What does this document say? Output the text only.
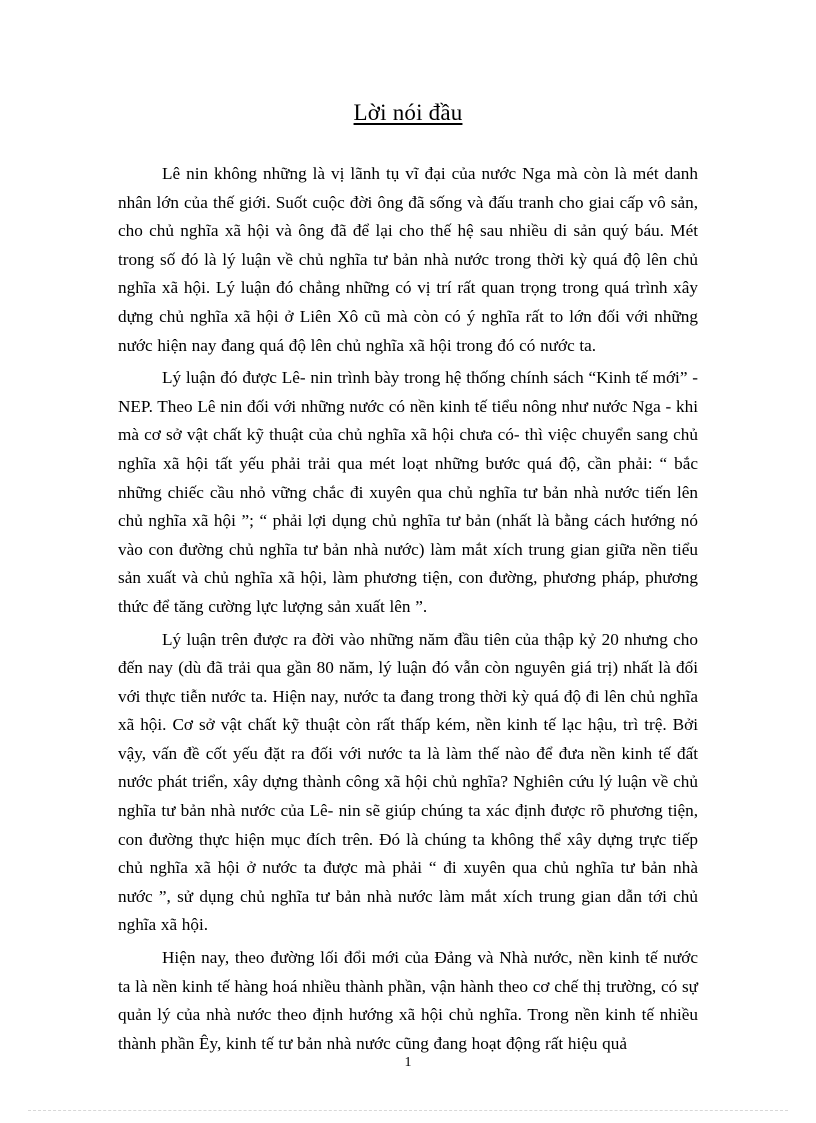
Lời nói đầu

Lê nin không những là vị lãnh tụ vĩ đại của nước Nga mà còn là mét danh nhân lớn của thế giới. Suốt cuộc đời ông đã sống và đấu tranh cho giai cấp vô sản, cho chủ nghĩa xã hội và ông đã để lại cho thế hệ sau nhiều di sản quý báu. Mét trong số đó là lý luận về chủ nghĩa tư bản nhà nước trong thời kỳ quá độ lên chủ nghĩa xã hội. Lý luận đó chẳng những có vị trí rất quan trọng trong quá trình xây dựng chủ nghĩa xã hội ở Liên Xô cũ mà còn có ý nghĩa rất to lớn đối với những nước hiện nay đang quá độ lên chủ nghĩa xã hội trong đó có nước ta.

Lý luận đó được Lê- nin trình bày trong hệ thống chính sách “Kinh tế mới” - NEP. Theo Lê nin đối với những nước có nền kinh tế tiểu nông như nước Nga - khi mà cơ sở vật chất kỹ thuật của chủ nghĩa xã hội chưa có- thì việc chuyển sang chủ nghĩa xã hội tất yếu phải trải qua mét loạt những bước quá độ, cần phải: “ bắc những chiếc cầu nhỏ vững chắc đi xuyên qua chủ nghĩa tư bản nhà nước tiến lên chủ nghĩa xã hội ”; “ phải lợi dụng chủ nghĩa tư bản (nhất là bằng cách hướng nó vào con đường chủ nghĩa tư bản nhà nước) làm mắt xích trung gian giữa nền tiểu sản xuất và chủ nghĩa xã hội, làm phương tiện, con đường, phương pháp, phương thức để tăng cường lực lượng sản xuất lên ”.

Lý luận trên được ra đời vào những năm đầu tiên của thập kỷ 20 nhưng cho đến nay (dù đã trải qua gần 80 năm, lý luận đó vẫn còn nguyên giá trị) nhất là đối với thực tiễn nước ta. Hiện nay, nước ta đang trong thời kỳ quá độ đi lên chủ nghĩa xã hội. Cơ sở vật chất kỹ thuật còn rất thấp kém, nền kinh tế lạc hậu, trì trệ. Bởi vậy, vấn đề cốt yếu đặt ra đối với nước ta là làm thế nào để đưa nền kinh tế đất nước phát triển, xây dựng thành công xã hội chủ nghĩa? Nghiên cứu lý luận về chủ nghĩa tư bản nhà nước của Lê- nin sẽ giúp chúng ta xác định được rõ phương tiện, con đường thực hiện mục đích trên. Đó là chúng ta không thể xây dựng trực tiếp chủ nghĩa xã hội ở nước ta được mà phải “ đi xuyên qua chủ nghĩa tư bản nhà nước ”, sử dụng chủ nghĩa tư bản nhà nước làm mắt xích trung gian dẫn tới chủ nghĩa xã hội.

Hiện nay, theo đường lối đổi mới của Đảng và Nhà nước, nền kinh tế nước ta là nền kinh tế hàng hoá nhiều thành phần, vận hành theo cơ chế thị trường, có sự quản lý của nhà nước theo định hướng xã hội chủ nghĩa. Trong nền kinh tế nhiều thành phần Êy, kinh tế tư bản nhà nước cũng đang hoạt động rất hiệu quả

1
